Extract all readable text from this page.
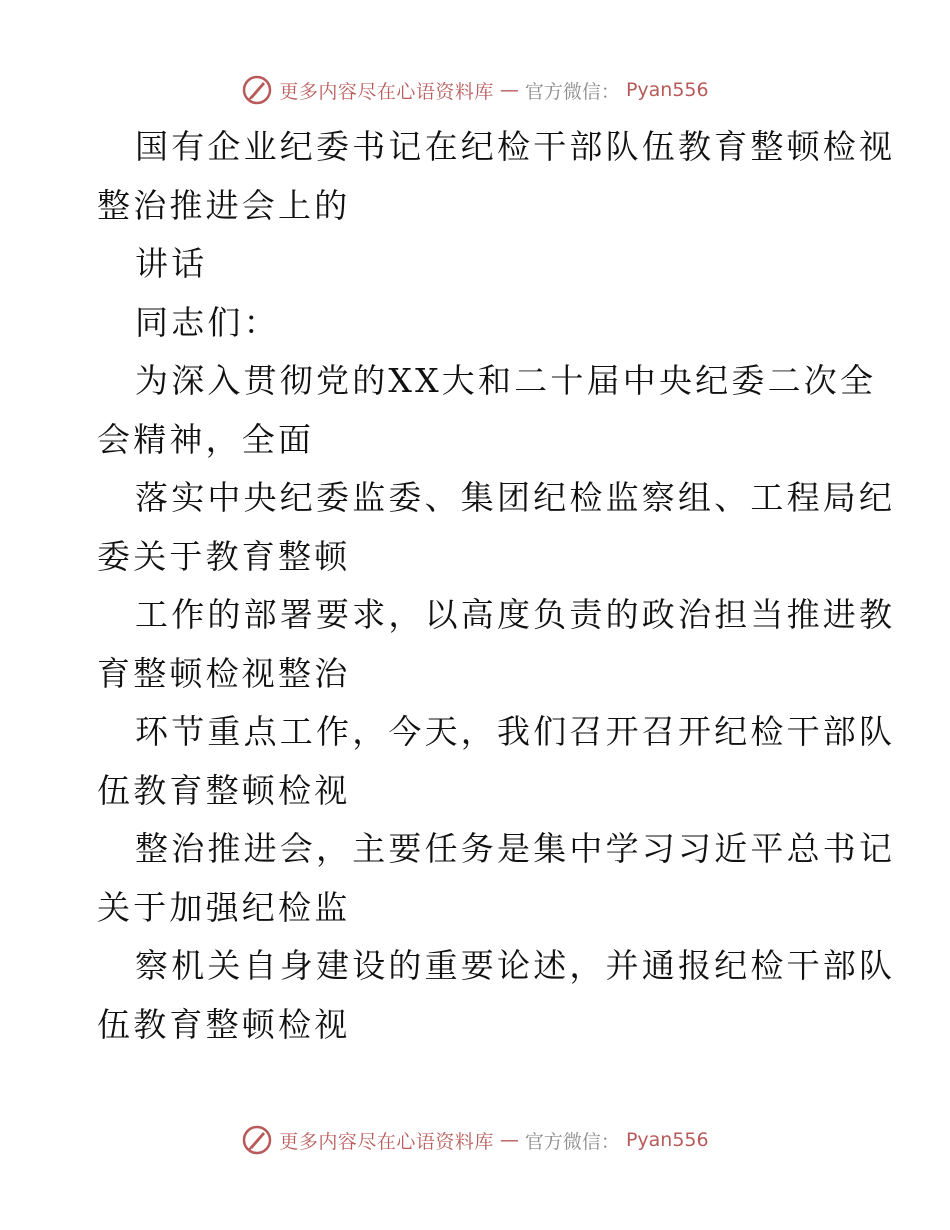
更多内容尽在心语资料库 — 官方微信： Pyan556
国有企业纪委书记在纪检干部队伍教育整顿检视
整治推进会上的
讲话
同志们：
为深入贯彻党的XX大和二十届中央纪委二次全
会精神，全面
落实中央纪委监委、集团纪检监察组、工程局纪
委关于教育整顿
工作的部署要求，以高度负责的政治担当推进教
育整顿检视整治
环节重点工作，今天，我们召开召开纪检干部队
伍教育整顿检视
整治推进会，主要任务是集中学习习近平总书记
关于加强纪检监
察机关自身建设的重要论述，并通报纪检干部队
伍教育整顿检视
更多内容尽在心语资料库 — 官方微信： Pyan556
